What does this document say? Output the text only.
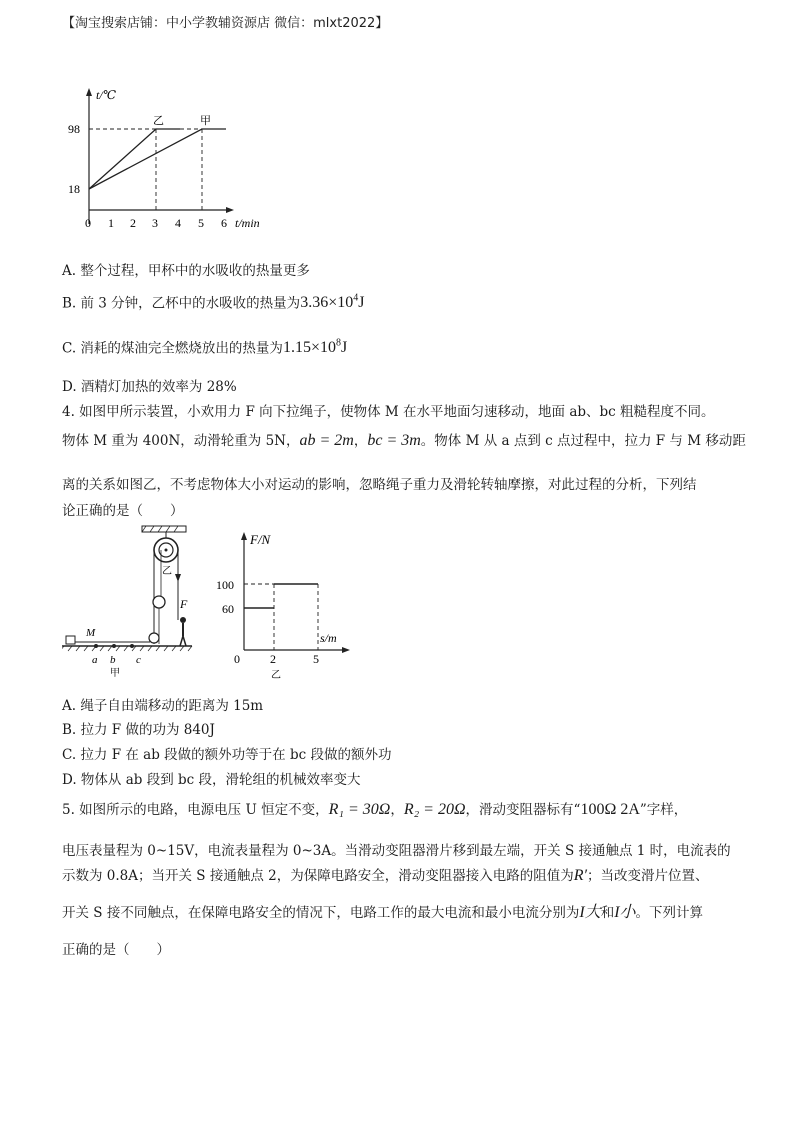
【淘宝搜索店铺：中小学教辅资源店 微信：mlxt2022】
t/℃
t/min
18
98
0 1 2 3 4 5 6
乙	甲
A. 整个过程，甲杯中的水吸收的热量更多
B. 前 3 分钟，乙杯中的水吸收的热量为$3.36\times 10^4J$
C. 消耗的煤油完全燃烧放出的热量为$1.15\times 10^8J$
D. 酒精灯加热的效率为 28%
4. 如图甲所示装置，小欢用力 F 向下拉绳子，使物体 M 在水平地面匀速移动，地面 ab、bc 粗糙程度不同。
物体 M 重为 400N，动滑轮重为 5N，ab = 2m，bc = 3m。物体 M 从 a 点到 c 点过程中，拉力 F 与 M 移动距
离的关系如图乙，不考虑物体大小对运动的影响，忽略绳子重力及滑轮转轴摩擦，对此过程的分析，下列结
论正确的是（　　）
乙
F
M
a b c
甲
F/N
s/m
100
60
0	2	5
乙
A. 绳子自由端移动的距离为 15m
B. 拉力 F 做的功为 840J
C. 拉力 F 在 ab 段做的额外功等于在 bc 段做的额外功
D. 物体从 ab 段到 bc 段，滑轮组的机械效率变大
5. 如图所示的电路，电源电压 U 恒定不变，R₁ = 30Ω，R₂ = 20Ω，滑动变阻器标有“100Ω 2A”字样，
电压表量程为 0~15V，电流表量程为 0~3A。当滑动变阻器滑片移到最左端，开关 S 接通触点 1 时，电流表的
示数为 0.8A；当开关 S 接通触点 2，为保障电路安全，滑动变阻器接入电路的阻值为R′；当改变滑片位置、
开关 S 接不同触点，在保障电路安全的情况下，电路工作的最大电流和最小电流分别为I大和I小。下列计算
正确的是（　　）
